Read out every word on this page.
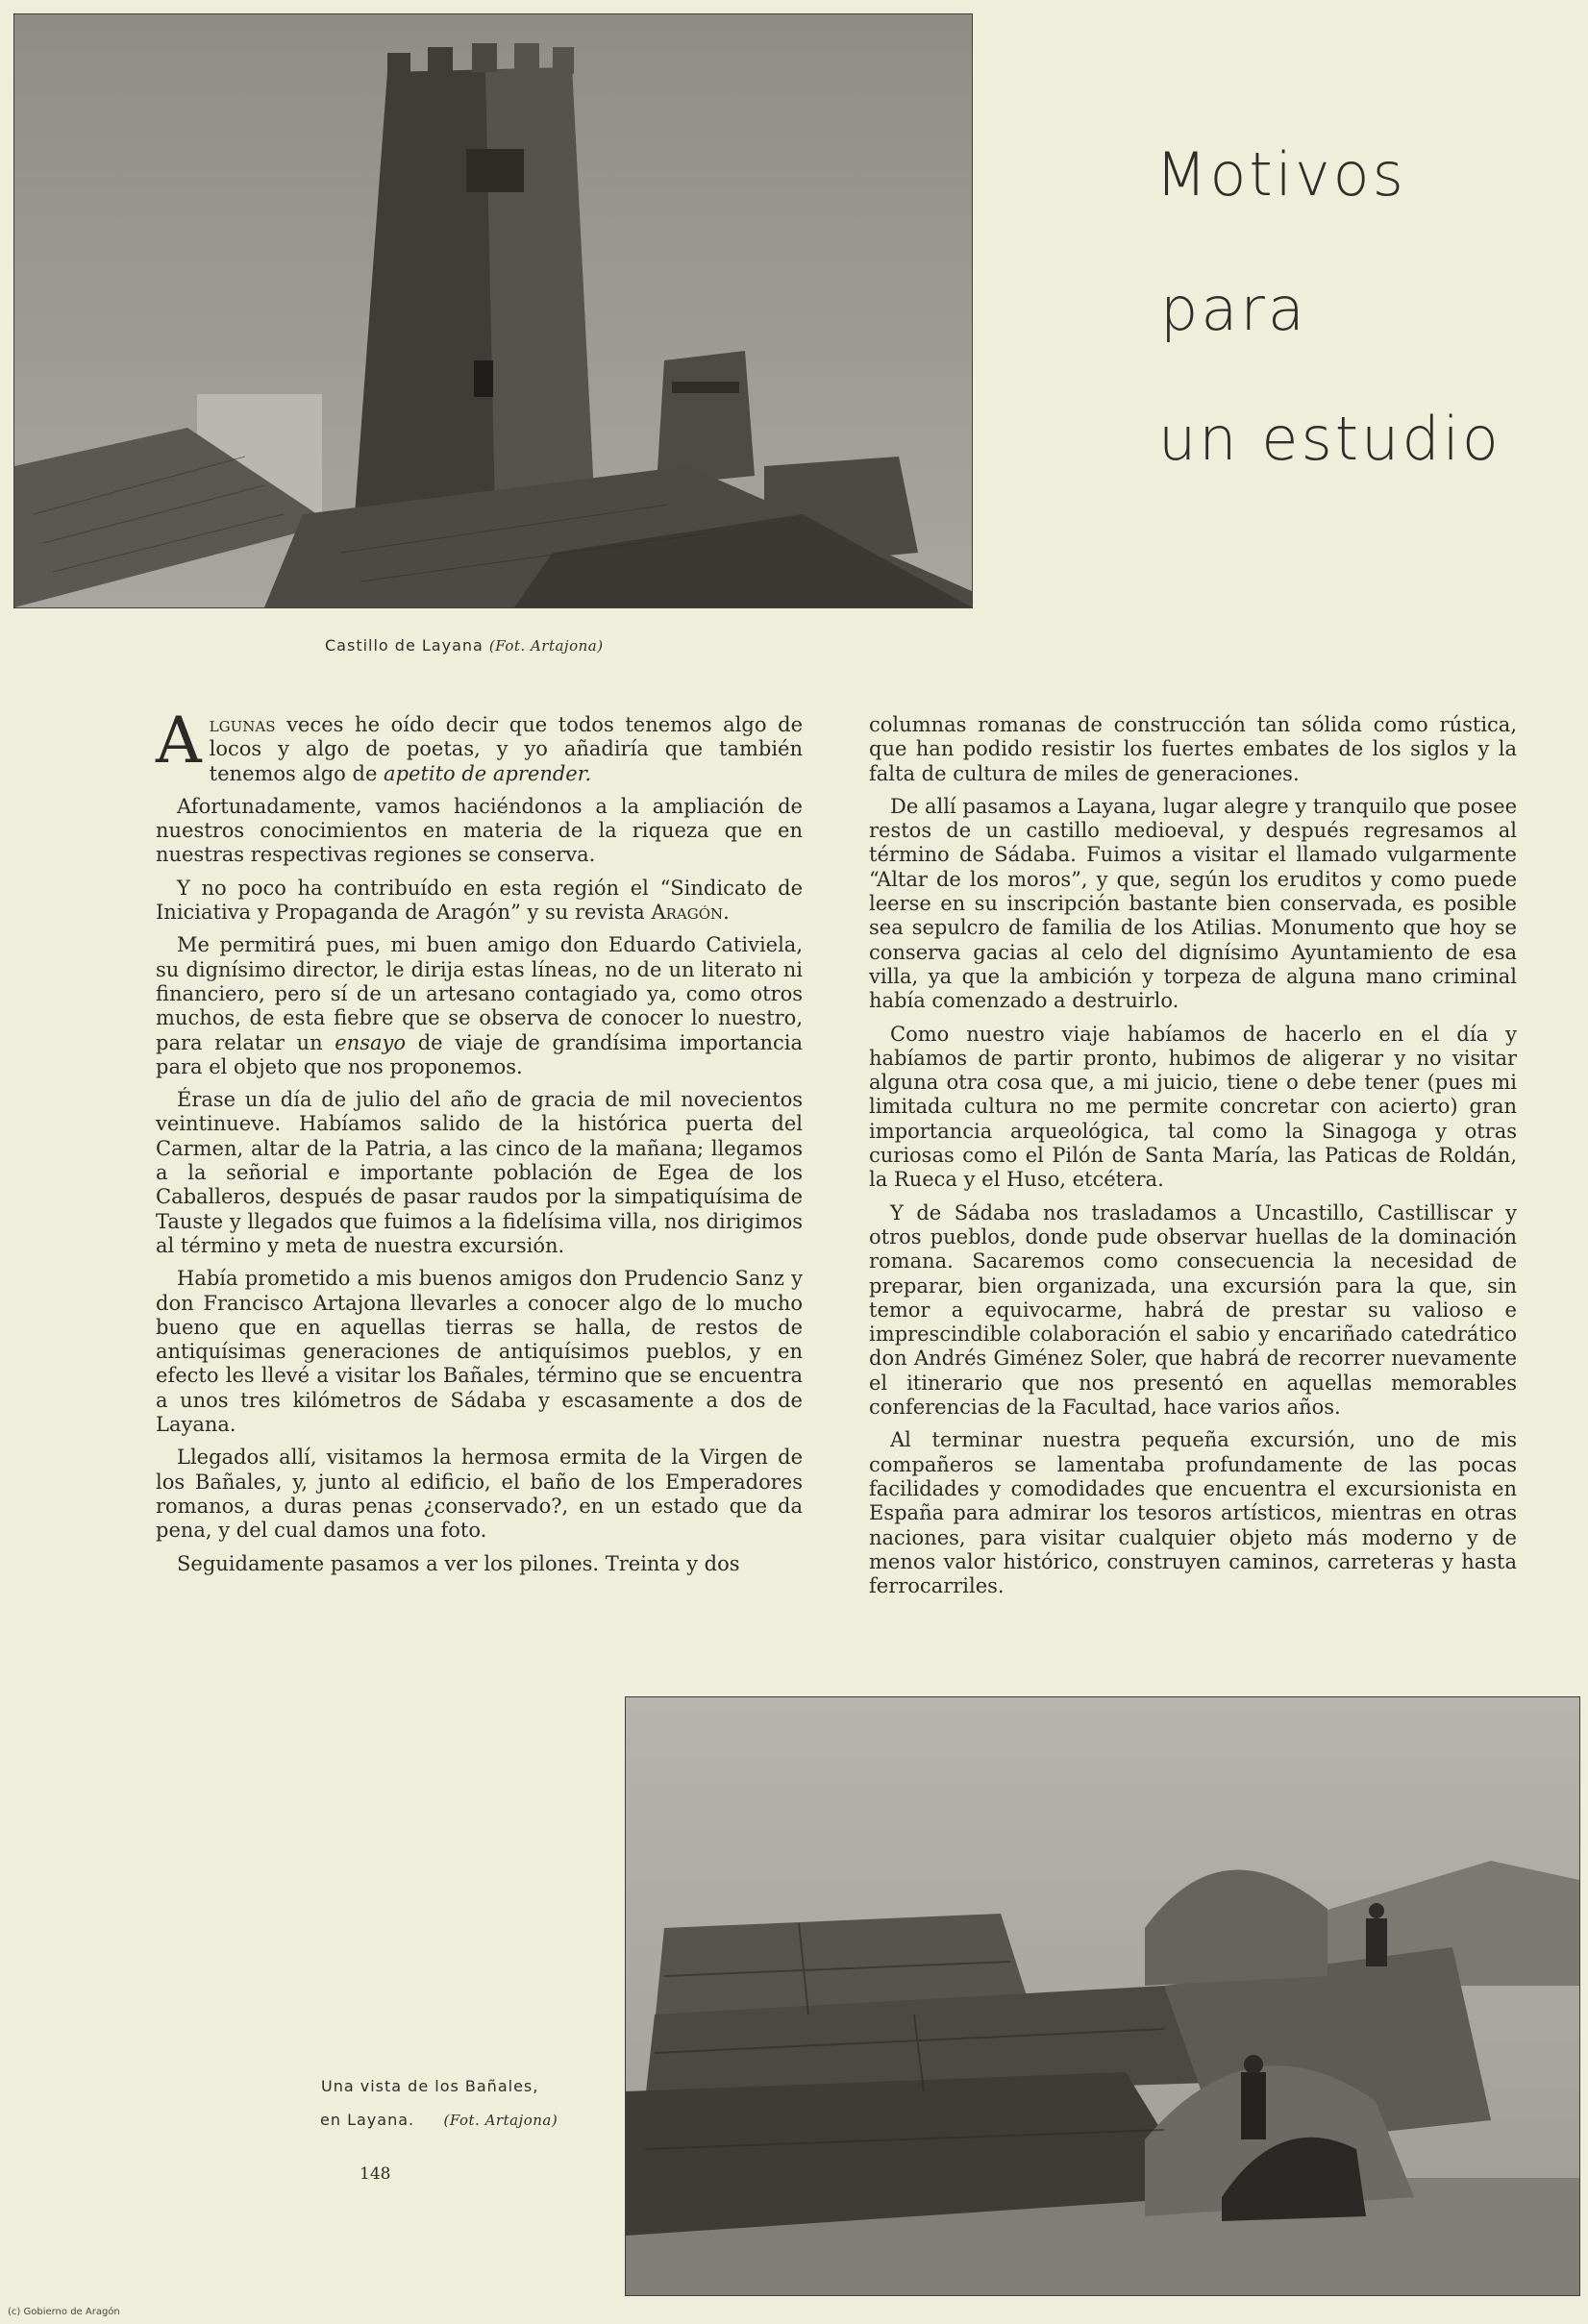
Motivos
para
un estudio
Castillo de Layana (Fot. Artajona)

Algunas veces he oído decir que todos tenemos algo de locos y algo de poetas, y yo añadiría que también tenemos algo de apetito de aprender.

Afortunadamente, vamos haciéndonos a la ampliación de nuestros conocimientos en materia de la riqueza que en nuestras respectivas regiones se conserva.

Y no poco ha contribuído en esta región el “Sindicato de Iniciativa y Propaganda de Aragón” y su revista Aragón.

Me permitirá pues, mi buen amigo don Eduardo Cativiela, su dignísimo director, le dirija estas líneas, no de un literato ni financiero, pero sí de un artesano contagiado ya, como otros muchos, de esta fiebre que se observa de conocer lo nuestro, para relatar un ensayo de viaje de grandísima importancia para el objeto que nos proponemos.

Érase un día de julio del año de gracia de mil novecientos veintinueve. Habíamos salido de la histórica puerta del Carmen, altar de la Patria, a las cinco de la mañana; llegamos a la señorial e importante población de Egea de los Caballeros, después de pasar raudos por la simpatiquísima de Tauste y llegados que fuimos a la fidelísima villa, nos dirigimos al término y meta de nuestra excursión.

Había prometido a mis buenos amigos don Prudencio Sanz y don Francisco Artajona llevarles a conocer algo de lo mucho bueno que en aquellas tierras se halla, de restos de antiquísimas generaciones de antiquísimos pueblos, y en efecto les llevé a visitar los Bañales, término que se encuentra a unos tres kilómetros de Sádaba y escasamente a dos de Layana.

Llegados allí, visitamos la hermosa ermita de la Virgen de los Bañales, y, junto al edificio, el baño de los Emperadores romanos, a duras penas ¿conservado?, en un estado que da pena, y del cual damos una foto.

Seguidamente pasamos a ver los pilones. Treinta y dos

columnas romanas de construcción tan sólida como rústica, que han podido resistir los fuertes embates de los siglos y la falta de cultura de miles de generaciones.

De allí pasamos a Layana, lugar alegre y tranquilo que posee restos de un castillo medioeval, y después regresamos al término de Sádaba. Fuimos a visitar el llamado vulgarmente “Altar de los moros”, y que, según los eruditos y como puede leerse en su inscripción bastante bien conservada, es posible sea sepulcro de familia de los Atilias. Monumento que hoy se conserva gacias al celo del dignísimo Ayuntamiento de esa villa, ya que la ambición y torpeza de alguna mano criminal había comenzado a destruirlo.

Como nuestro viaje habíamos de hacerlo en el día y habíamos de partir pronto, hubimos de aligerar y no visitar alguna otra cosa que, a mi juicio, tiene o debe tener (pues mi limitada cultura no me permite concretar con acierto) gran importancia arqueológica, tal como la Sinagoga y otras curiosas como el Pilón de Santa María, las Paticas de Roldán, la Rueca y el Huso, etcétera.

Y de Sádaba nos trasladamos a Uncastillo, Castilliscar y otros pueblos, donde pude observar huellas de la dominación romana. Sacaremos como consecuencia la necesidad de preparar, bien organizada, una excursión para la que, sin temor a equivocarme, habrá de prestar su valioso e imprescindible colaboración el sabio y encariñado catedrático don Andrés Giménez Soler, que habrá de recorrer nuevamente el itinerario que nos presentó en aquellas memorables conferencias de la Facultad, hace varios años.

Al terminar nuestra pequeña excursión, uno de mis compañeros se lamentaba profundamente de las pocas facilidades y comodidades que encuentra el excursionista en España para admirar los tesoros artísticos, mientras en otras naciones, para visitar cualquier objeto más moderno y de menos valor histórico, construyen caminos, carreteras y hasta ferrocarriles.

Una vista de los Bañales,
en Layana. (Fot. Artajona)
148
(c) Gobierno de Aragón
